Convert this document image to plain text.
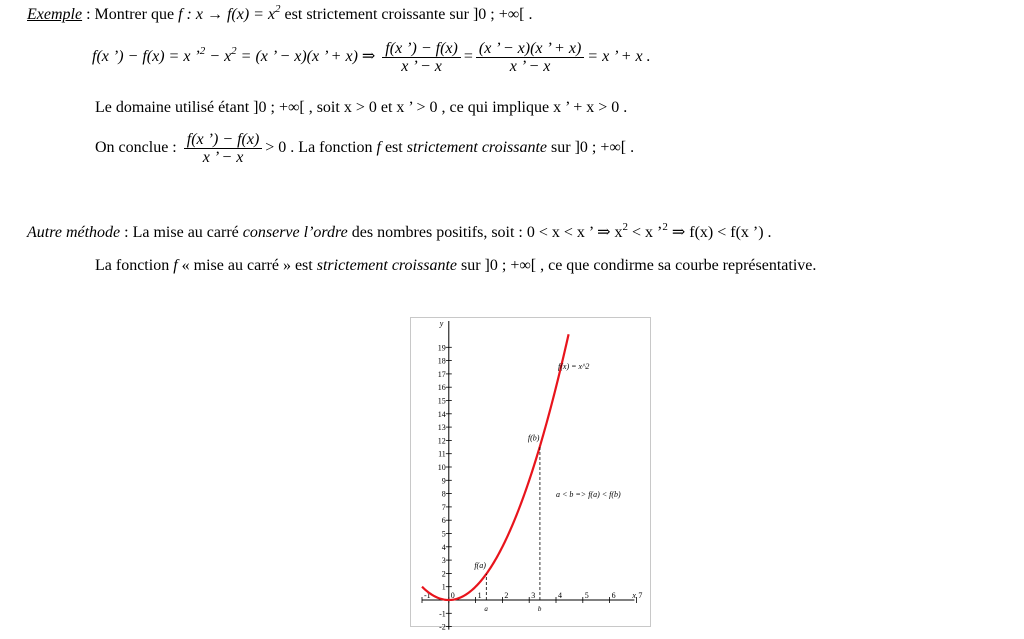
Exemple : Montrer que f : $x \to f(x) = x^2$ est strictement croissante sur ]0 ; +∞[ .
f(x ’) − f(x) = x ’$^2$ − $x^2 = (x$ ’ − x)(x ’ + x) ⇒ $\frac{f(x ’) - f(x)}{x ’ - x} = \frac{(x ’ - x)(x ’ + x)}{x ’ - x} = x$ ’ + x .
Le domaine utilisé étant ]0 ; +∞[ , soit x > 0 et x ’ > 0 , ce qui implique x ’ + x > 0 .
On conclue : $\frac{f(x ’) - f(x)}{x ’ - x} > 0$ . La fonction f est strictement croissante sur ]0 ; +∞[ .
Autre méthode : La mise au carré conserve l’ordre des nombres positifs, soit : 0 < x < x ’ ⇒ $x^2 < x$ ’$^2$ ⇒ f(x) < f(x ’) .
La fonction f « mise au carré » est strictement croissante sur ]0 ; +∞[ , ce que condirme sa courbe représentative.
x
y
-1	0	1	2	3	4	5	6	7
-2
-1
1
2
3
4
5
6
7
8
9
10
11
12
13
14
15
16
17
18
19
f(a)
a
f(b)
b
f(x) = x^2
a < b => f(a) < f(b)
